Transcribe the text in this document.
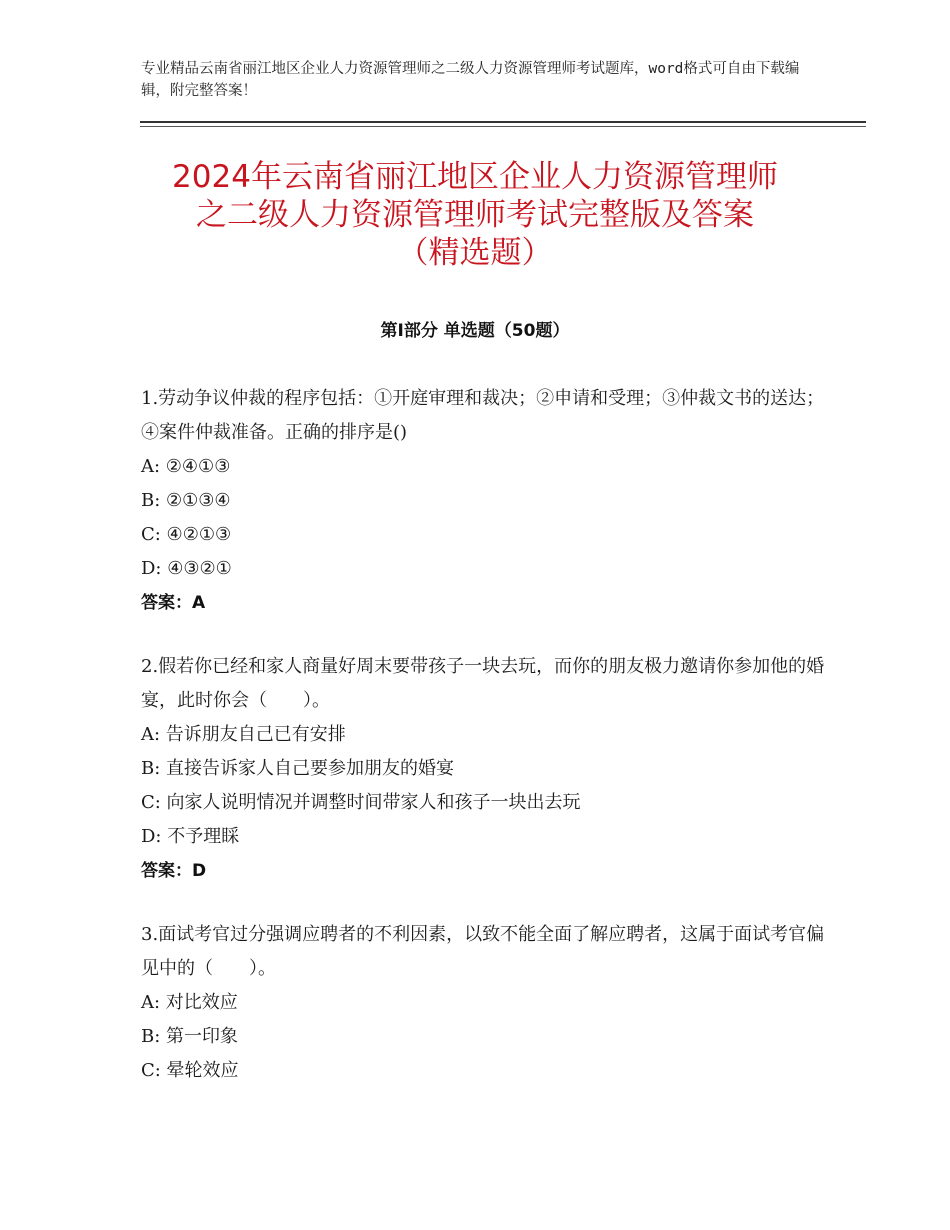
专业精品云南省丽江地区企业人力资源管理师之二级人力资源管理师考试题库，word格式可自由下载编辑，附完整答案！
2024年云南省丽江地区企业人力资源管理师
之二级人力资源管理师考试完整版及答案
（精选题）
第Ⅰ部分 单选题（50题）
1.劳动争议仲裁的程序包括：①开庭审理和裁决；②申请和受理；③仲裁文书的送达；④案件仲裁准备。正确的排序是()
A: ②④①③
B: ②①③④
C: ④②①③
D: ④③②①
答案：A
2.假若你已经和家人商量好周末要带孩子一块去玩，而你的朋友极力邀请你参加他的婚宴，此时你会（　　）。
A: 告诉朋友自己已有安排
B: 直接告诉家人自己要参加朋友的婚宴
C: 向家人说明情况并调整时间带家人和孩子一块出去玩
D: 不予理睬
答案：D
3.面试考官过分强调应聘者的不利因素，以致不能全面了解应聘者，这属于面试考官偏见中的（　　）。
A: 对比效应
B: 第一印象
C: 晕轮效应
